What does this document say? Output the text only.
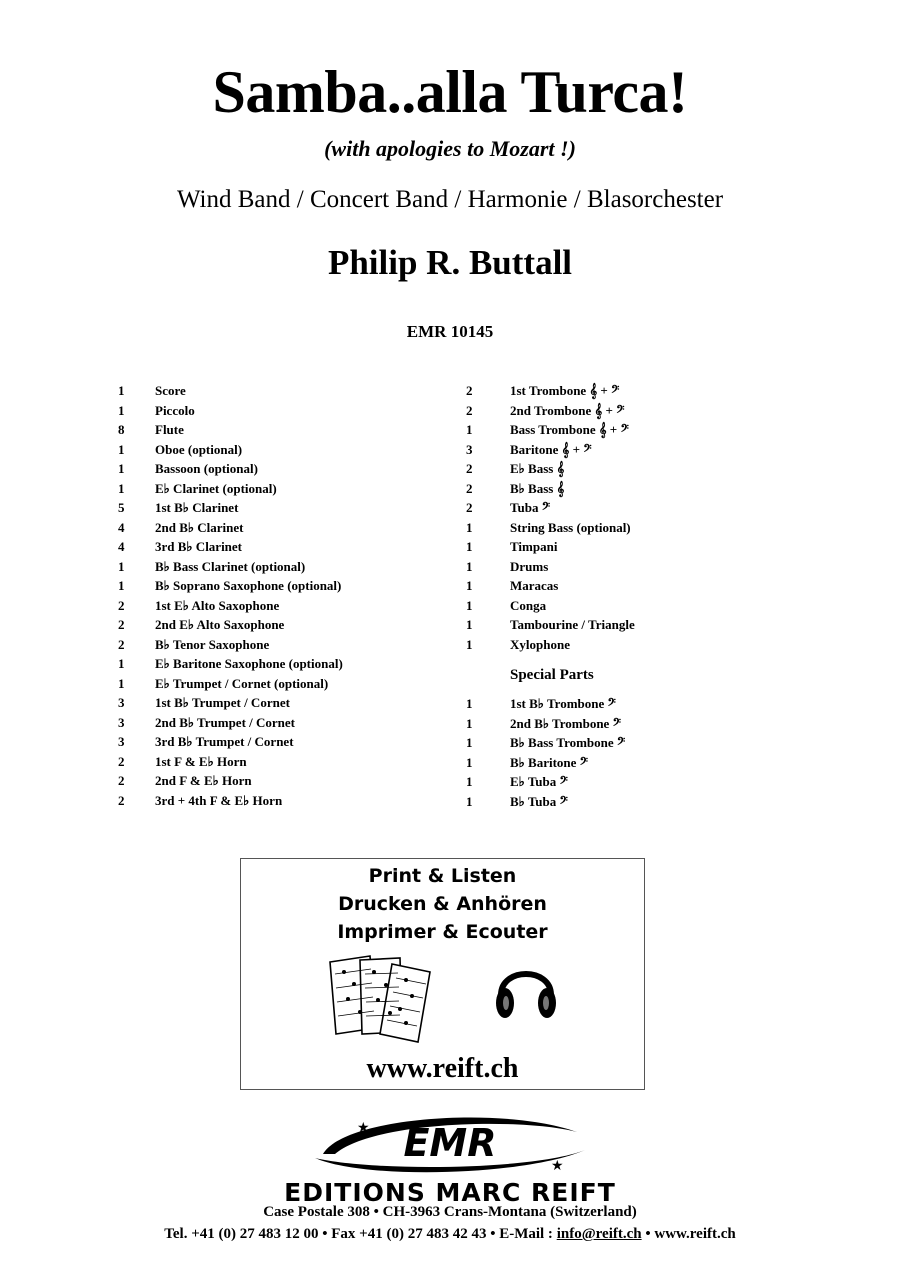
Samba..alla Turca!
(with apologies to Mozart !)
Wind Band / Concert Band / Harmonie / Blasorchester
Philip R. Buttall
EMR 10145
1 Score
1 Piccolo
8 Flute
1 Oboe (optional)
1 Bassoon (optional)
1 E♭ Clarinet (optional)
5 1st B♭ Clarinet
4 2nd B♭ Clarinet
4 3rd B♭ Clarinet
1 B♭ Bass Clarinet (optional)
1 B♭ Soprano Saxophone (optional)
2 1st E♭ Alto Saxophone
2 2nd E♭ Alto Saxophone
2 B♭ Tenor Saxophone
1 E♭ Baritone Saxophone (optional)
1 E♭ Trumpet / Cornet (optional)
3 1st B♭ Trumpet / Cornet
3 2nd B♭ Trumpet / Cornet
3 3rd B♭ Trumpet / Cornet
2 1st F & E♭ Horn
2 2nd F & E♭ Horn
2 3rd + 4th F & E♭ Horn
2	1st Trombone 𝄞 + 𝄢
2	2nd Trombone 𝄞 + 𝄢
1	Bass Trombone 𝄞 + 𝄢
3	Baritone 𝄞 + 𝄢
2	E♭ Bass 𝄞
2	B♭ Bass 𝄞
2	Tuba 𝄢
1	String Bass (optional)
1	Timpani
1	Drums
1	Maracas
1	Conga
1	Tambourine / Triangle
1	Xylophone
Special Parts
1	1st B♭ Trombone 𝄢
1	2nd B♭ Trombone 𝄢
1	B♭ Bass Trombone 𝄢
1	B♭ Baritone 𝄢
1	E♭ Tuba 𝄢
1	B♭ Tuba 𝄢
Print & Listen
Drucken & Anhören
Imprimer & Ecouter
www.reift.ch
EMR
★
★
EDITIONS MARC REIFT
Case Postale 308 • CH-3963 Crans-Montana (Switzerland)
Tel. +41 (0) 27 483 12 00 • Fax +41 (0) 27 483 42 43 • E-Mail : info@reift.ch • www.reift.ch
